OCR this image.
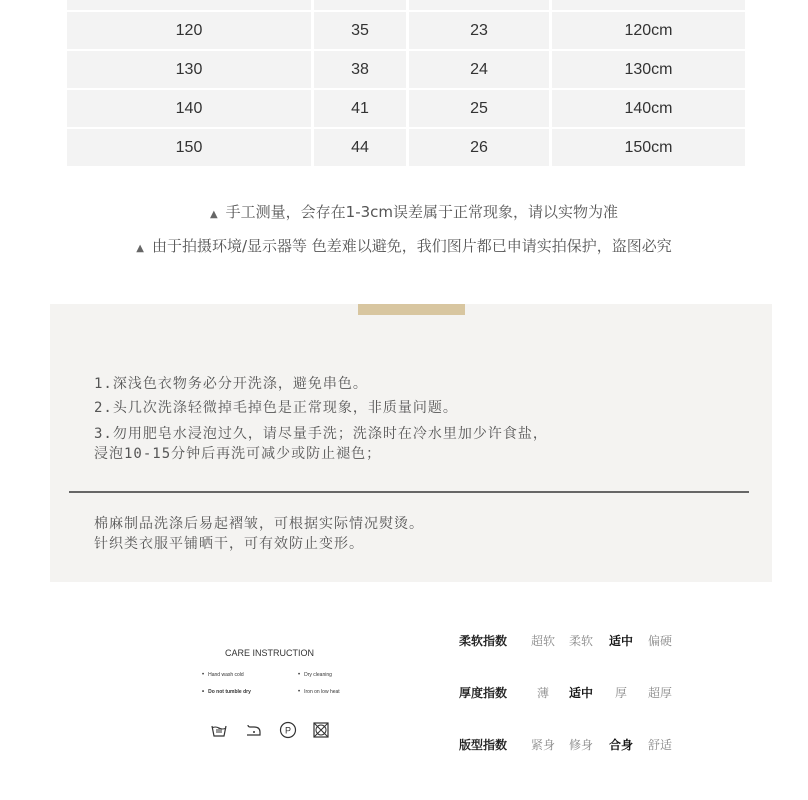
120	35	23	120cm
130	38	24	130cm
140	41	25	140cm
150	44	26	150cm
▲ 手工测量，会存在1-3cm误差属于正常现象，请以实物为准
▲ 由于拍摄环境/显示器等 色差难以避免，我们图片都已申请实拍保护，盗图必究
1.深浅色衣物务必分开洗涤，避免串色。
2.头几次洗涤轻微掉毛掉色是正常现象，非质量问题。
3.勿用肥皂水浸泡过久，请尽量手洗；洗涤时在冷水里加少许食盐，
浸泡10-15分钟后再洗可减少或防止褪色；
棉麻制品洗涤后易起褶皱，可根据实际情况熨烫。
针织类衣服平铺晒干，可有效防止变形。
CARE INSTRUCTION
• Hand wash cold	• Dry cleaning
• Do not tumble dry	• Iron on low heat
P
柔软指数 超软 柔软 适中 偏硬
厚度指数 薄 适中 厚 超厚
版型指数 紧身 修身 合身 舒适
